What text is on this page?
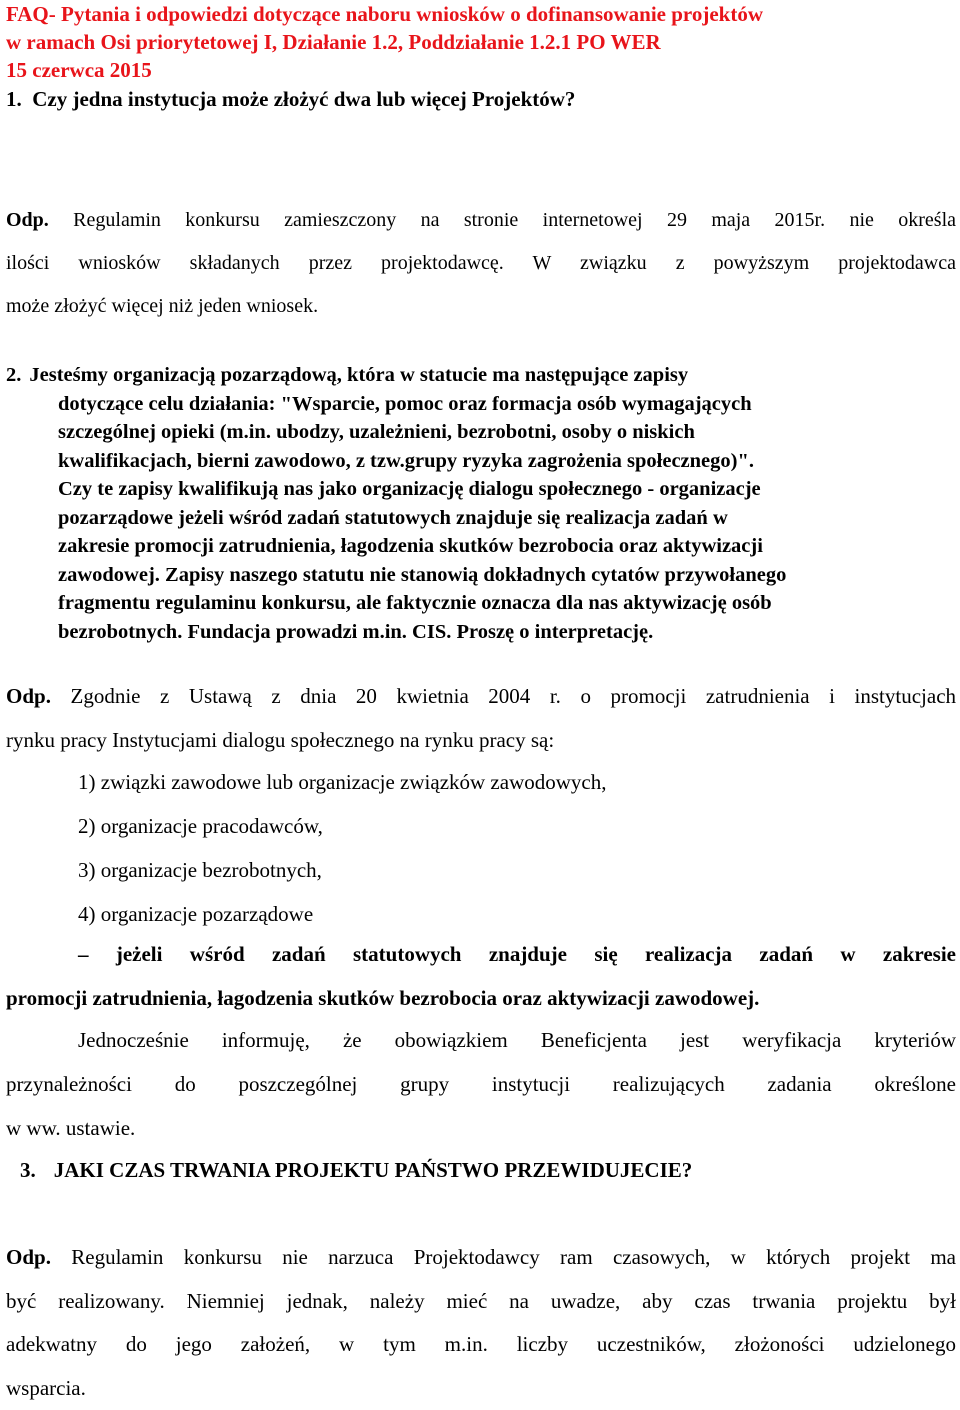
FAQ- Pytania i odpowiedzi dotyczące naboru wniosków o dofinansowanie projektów
w ramach Osi priorytetowej I, Działanie 1.2, Poddziałanie 1.2.1 PO WER
15 czerwca 2015
1. Czy jedna instytucja może złożyć dwa lub więcej Projektów?
Odp. Regulamin konkursu zamieszczony na stronie internetowej 29 maja 2015r. nie określa
ilości wniosków składanych przez projektodawcę. W związku z powyższym projektodawca
może złożyć więcej niż jeden wniosek.
2. Jesteśmy organizacją pozarządową, która w statucie ma następujące zapisy
dotyczące celu działania: "Wsparcie, pomoc oraz formacja osób wymagających
szczególnej opieki (m.in. ubodzy, uzależnieni, bezrobotni, osoby o niskich
kwalifikacjach, bierni zawodowo, z tzw.grupy ryzyka zagrożenia społecznego)".
Czy te zapisy kwalifikują nas jako organizację dialogu społecznego - organizacje
pozarządowe jeżeli wśród zadań statutowych znajduje się realizacja zadań w
zakresie promocji zatrudnienia, łagodzenia skutków bezrobocia oraz aktywizacji
zawodowej. Zapisy naszego statutu nie stanowią dokładnych cytatów przywołanego
fragmentu regulaminu konkursu, ale faktycznie oznacza dla nas aktywizację osób
bezrobotnych. Fundacja prowadzi m.in. CIS. Proszę o interpretację.
Odp. Zgodnie z Ustawą z dnia 20 kwietnia 2004 r. o promocji zatrudnienia i instytucjach
rynku pracy Instytucjami dialogu społecznego na rynku pracy są:
1) związki zawodowe lub organizacje związków zawodowych,
2) organizacje pracodawców,
3) organizacje bezrobotnych,
4) organizacje pozarządowe
– jeżeli wśród zadań statutowych znajduje się realizacja zadań w zakresie
promocji zatrudnienia, łagodzenia skutków bezrobocia oraz aktywizacji zawodowej.
Jednocześnie informuję, że obowiązkiem Beneficjenta jest weryfikacja kryteriów
przynależności do poszczególnej grupy instytucji realizujących zadania określone
w ww. ustawie.
3. JAKI CZAS TRWANIA PROJEKTU PAŃSTWO PRZEWIDUJECIE?
Odp. Regulamin konkursu nie narzuca Projektodawcy ram czasowych, w których projekt ma
być realizowany. Niemniej jednak, należy mieć na uwadze, aby czas trwania projektu był
adekwatny do jego założeń, w tym m.in. liczby uczestników, złożoności udzielonego
wsparcia.
